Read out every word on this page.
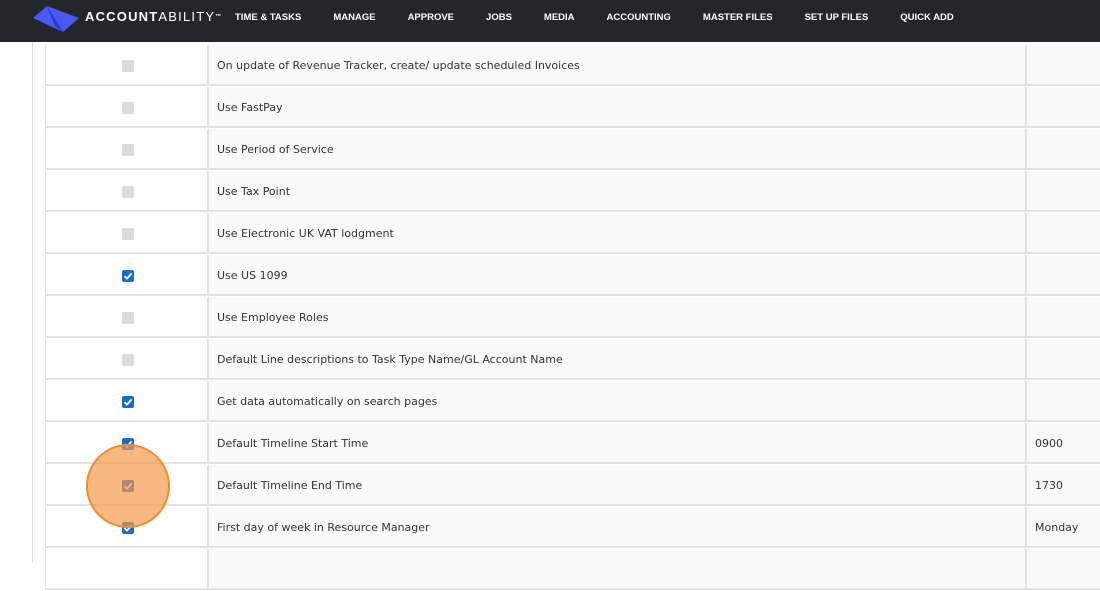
ACCOUNTABILITY™	TIME & TASKS	MANAGE	APPROVE	JOBS	MEDIA	ACCOUNTING	MASTER FILES	SET UP FILES	QUICK ADD
On update of Revenue Tracker, create/ update scheduled Invoices
Use FastPay
Use Period of Service
Use Tax Point
Use Electronic UK VAT lodgment
Use US 1099
Use Employee Roles
Default Line descriptions to Task Type Name/GL Account Name
Get data automatically on search pages
Default Timeline Start Time	0900
Default Timeline End Time	1730
First day of week in Resource Manager	Monday
